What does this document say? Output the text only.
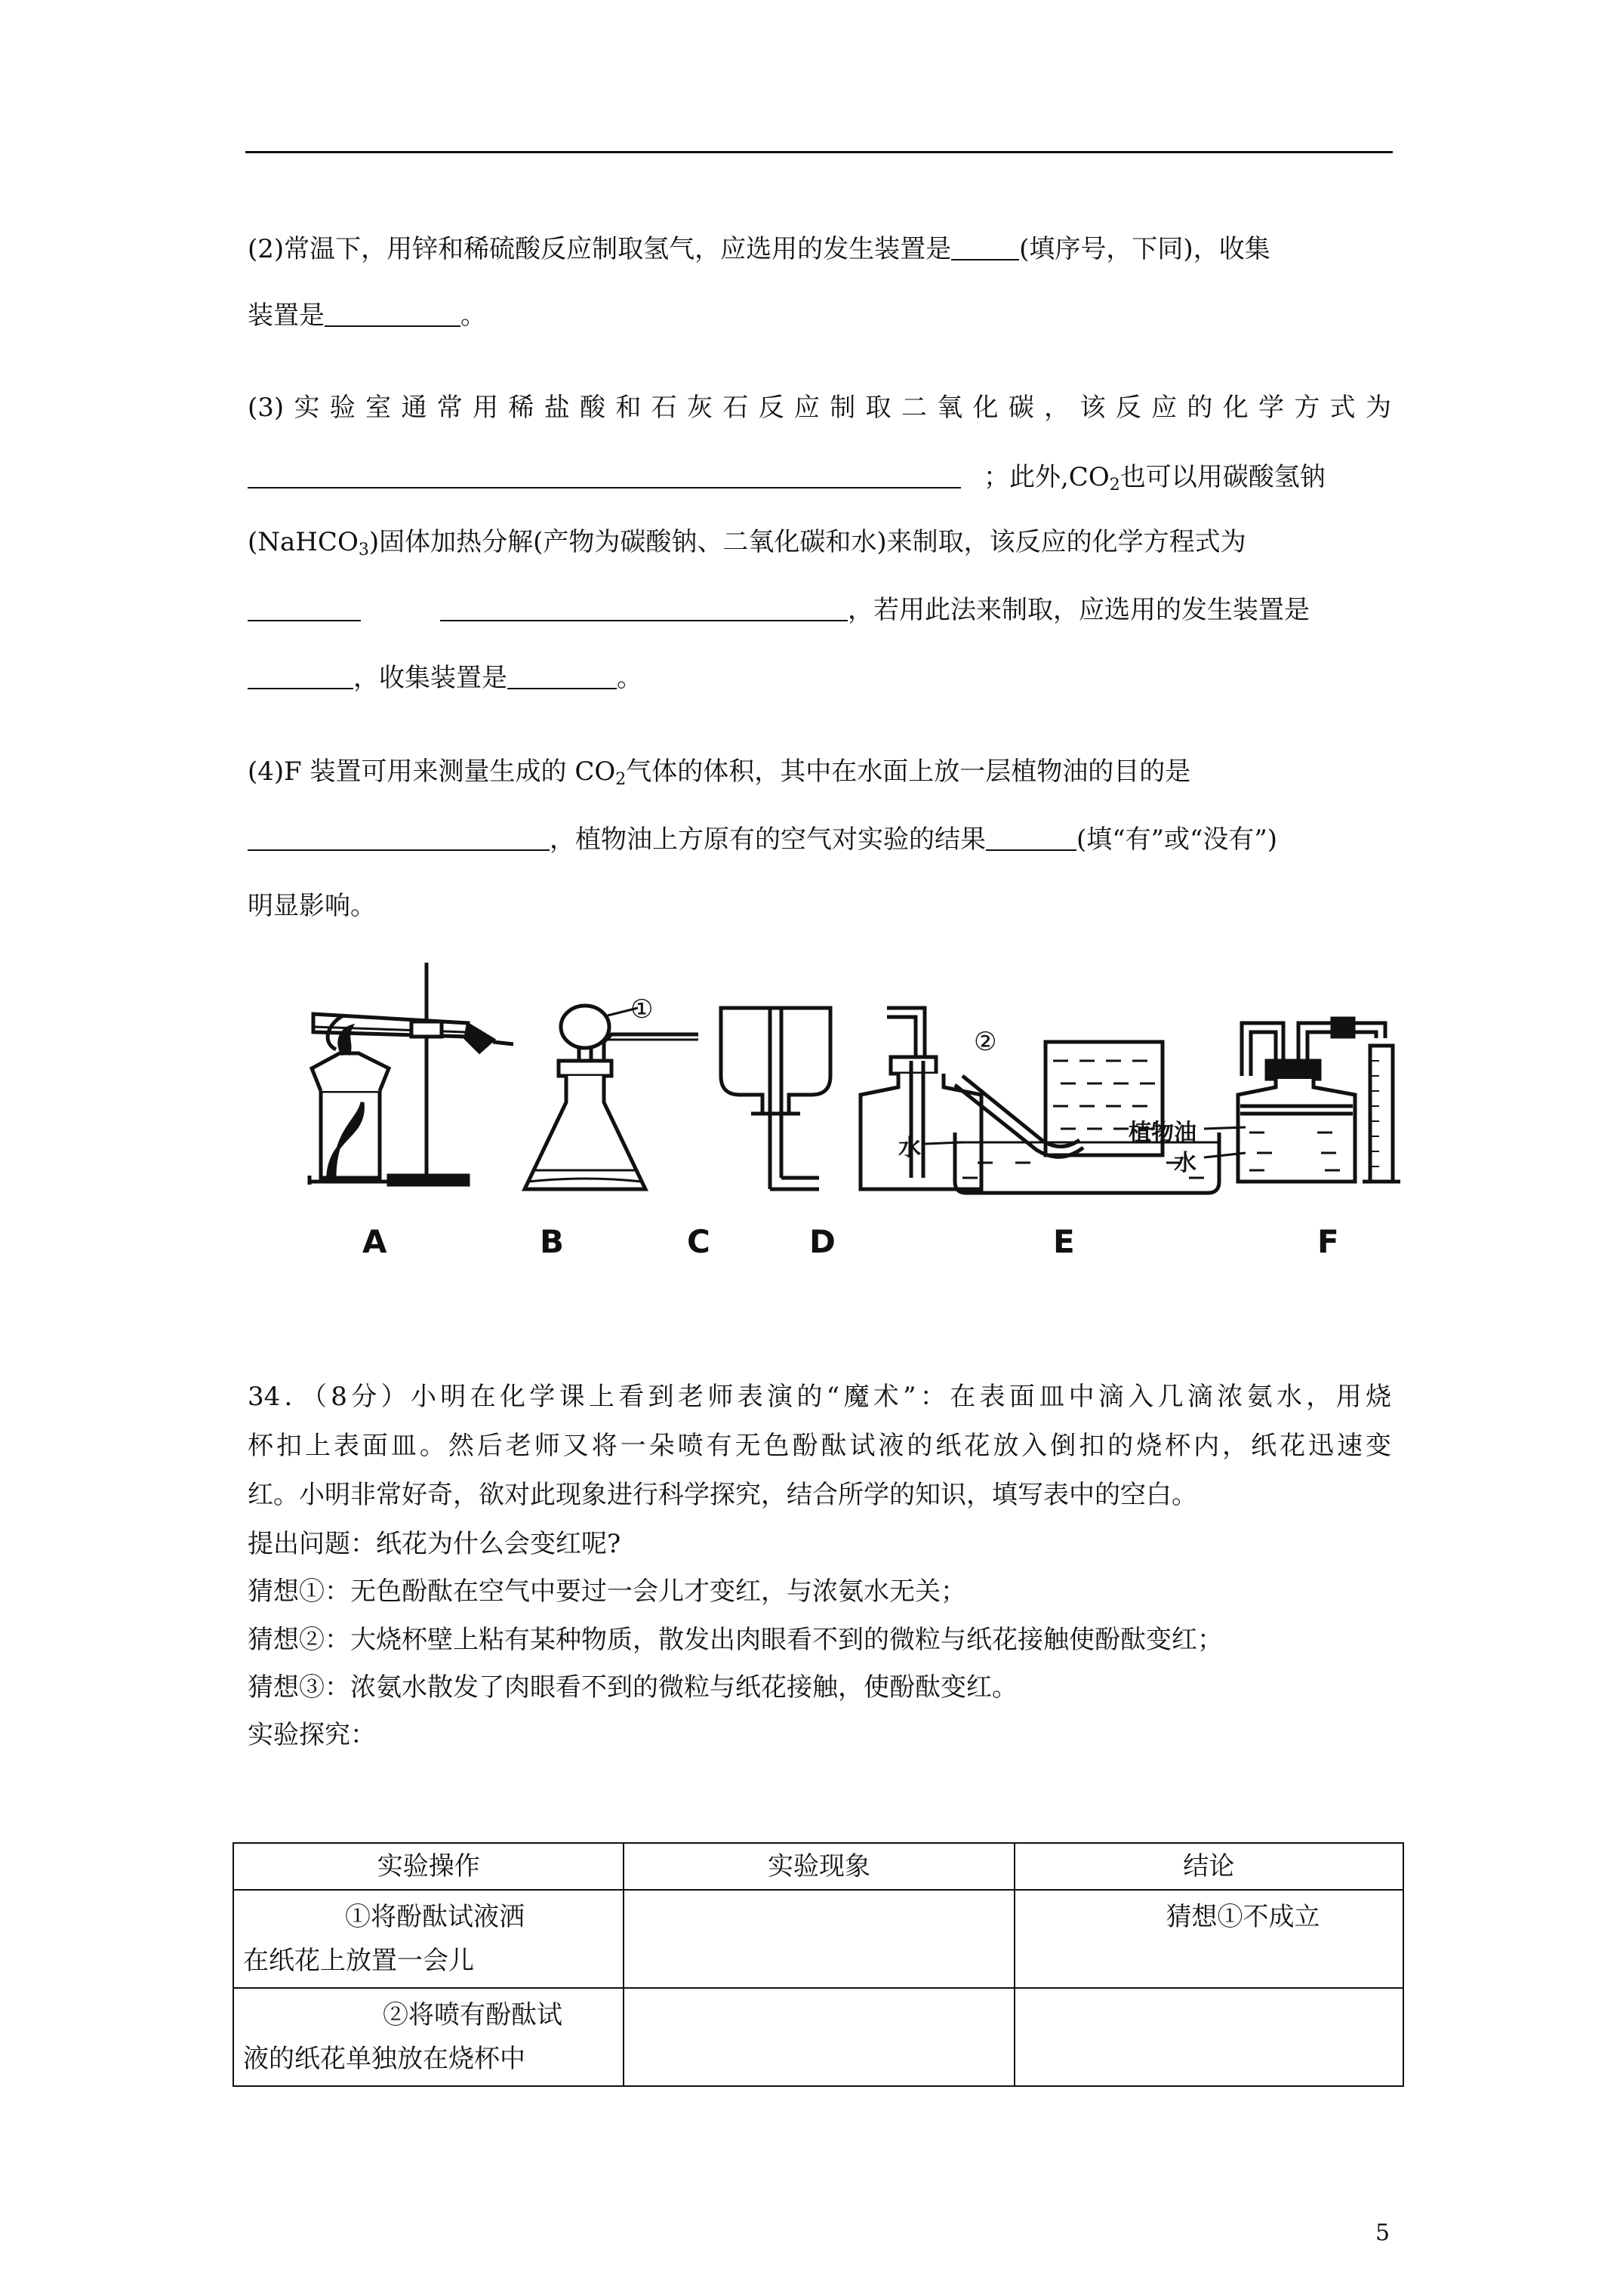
(2)常温下，用锌和稀硫酸反应制取氢气，应选用的发生装置是	(填序号，下同)，收集
装置是	。
(3)实验室通常用稀盐酸和石灰石反应制取二氧化碳，该反应的化学方式为
；此外$,CO_2$也可以用碳酸氢钠
(NaHCO$_3$)固体加热分解(产物为碳酸钠、二氧化碳和水)来制取，该反应的化学方程式为
，若用此法来制取，应选用的发生装置是
，收集装置是	。
(4)F 装置可用来测量生成的 $CO_2$气体的体积，其中在水面上放一层植物油的目的是
，植物油上方原有的空气对实验的结果	(填“有”或“没有”)
明显影响。
①
②
水
植物油
水
A	B	C	D	E	F
34．（8分）小明在化学课上看到老师表演的“魔术”：在表面皿中滴入几滴浓氨水，用烧
杯扣上表面皿。然后老师又将一朵喷有无色酚酞试液的纸花放入倒扣的烧杯内，纸花迅速变
红。小明非常好奇，欲对此现象进行科学探究，结合所学的知识，填写表中的空白。
提出问题：纸花为什么会变红呢?
猜想①：无色酚酞在空气中要过一会儿才变红，与浓氨水无关；
猜想②：大烧杯壁上粘有某种物质，散发出肉眼看不到的微粒与纸花接触使酚酞变红；
猜想③：浓氨水散发了肉眼看不到的微粒与纸花接触，使酚酞变红。
实验探究：
实验操作	实验现象	结论

①将酚酞试液洒
在纸花上放置一会儿		猜想①不成立

②将喷有酚酞试
液的纸花单独放在烧杯中		

5
